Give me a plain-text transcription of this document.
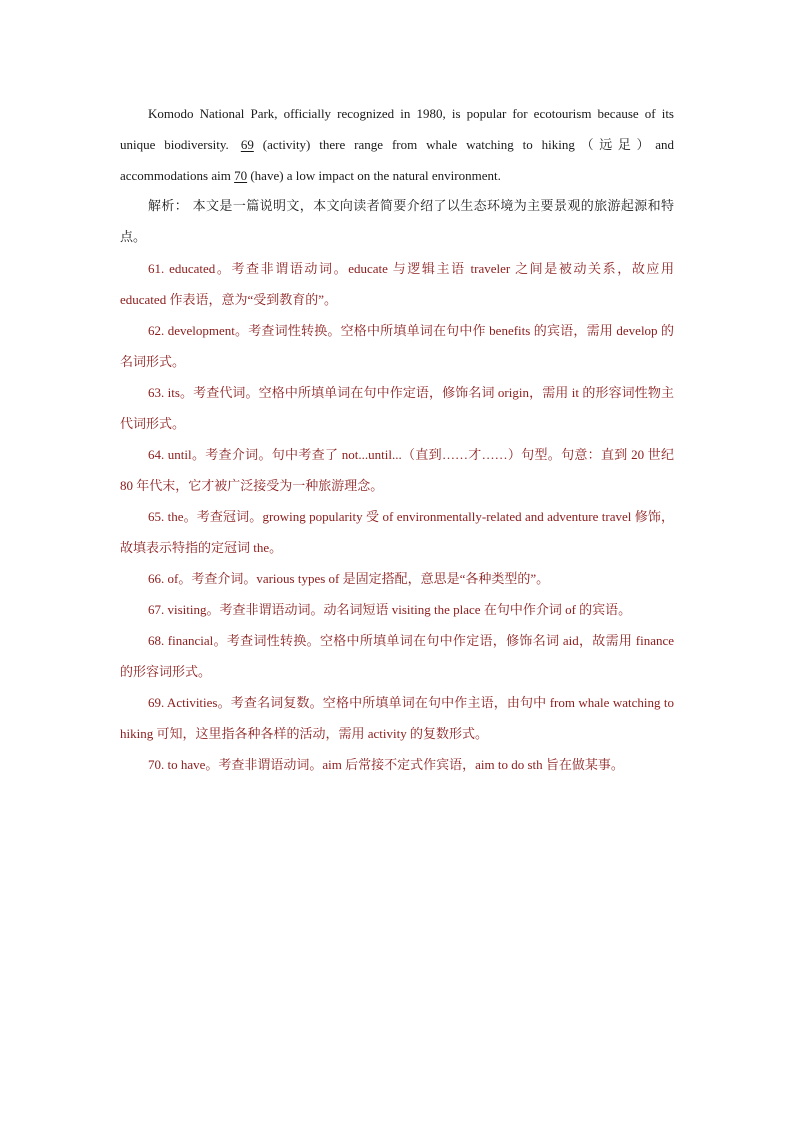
Komodo National Park, officially recognized in 1980, is popular for ecotourism because of its unique biodiversity. 69 (activity) there range from whale watching to hiking（远足）and accommodations aim 70 (have) a low impact on the natural environment.

解析： 本文是一篇说明文，本文向读者简要介绍了以生态环境为主要景观的旅游起源和特点。

61. educated。考查非谓语动词。educate 与逻辑主语 traveler 之间是被动关系，故应用 educated 作表语，意为“受到教育的”。

62. development。考查词性转换。空格中所填单词在句中作 benefits 的宾语，需用 develop 的名词形式。

63. its。考查代词。空格中所填单词在句中作定语，修饰名词 origin，需用 it 的形容词性物主代词形式。

64. until。考查介词。句中考查了 not...until...（直到……才……）句型。句意：直到 20 世纪 80 年代末，它才被广泛接受为一种旅游理念。

65. the。考查冠词。growing popularity 受 of environmentally-related and adventure travel 修饰，故填表示特指的定冠词 the。

66. of。考查介词。various types of 是固定搭配，意思是“各种类型的”。

67. visiting。考查非谓语动词。动名词短语 visiting the place 在句中作介词 of 的宾语。

68. financial。考查词性转换。空格中所填单词在句中作定语，修饰名词 aid，故需用 finance 的形容词形式。

69. Activities。考查名词复数。空格中所填单词在句中作主语，由句中 from whale watching to hiking 可知，这里指各种各样的活动，需用 activity 的复数形式。

70. to have。考查非谓语动词。aim 后常接不定式作宾语，aim to do sth 旨在做某事。
